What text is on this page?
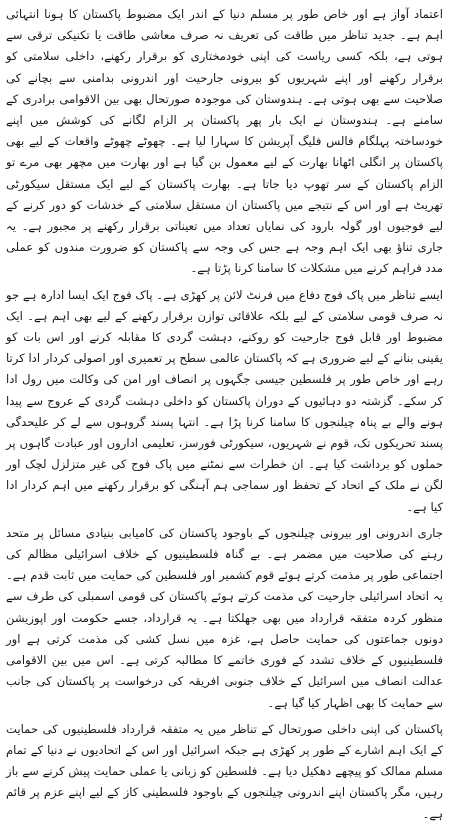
اعتماد آواز ہے اور خاص طور پر مسلم دنیا کے اندر ایک مضبوط پاکستان کا ہونا انتہائی اہم ہے۔ جدید تناظر میں طاقت کی تعریف نہ صرف معاشی طاقت یا تکنیکی ترقی سے ہوتی ہے، بلکہ کسی ریاست کی اپنی خودمختاری کو برقرار رکھنے، داخلی سلامتی کو برقرار رکھنے اور اپنے شہریوں کو بیرونی جارحیت اور اندرونی بدامنی سے بچانے کی صلاحیت سے بھی ہوتی ہے۔ ہندوستان کی موجودہ صورتحال بھی بین الاقوامی برادری کے سامنے ہے۔ ہندوستان نے ایک بار پھر پاکستان پر الزام لگانے کی کوشش میں اپنے خودساختہ پہلگام فالس فلیگ آپریشن کا سہارا لیا ہے۔ چھوٹے چھوٹے واقعات کے لیے بھی پاکستان پر انگلی اٹھانا بھارت کے لیے معمول بن گیا ہے اور بھارت میں مچھر بھی مرے تو الزام پاکستان کے سر تھوپ دیا جاتا ہے۔ بھارت پاکستان کے لیے ایک مستقل سیکورٹی تھریٹ ہے اور اس کے نتیجے میں پاکستان ان مستقل سلامتی کے خدشات کو دور کرنے کے لیے فوجیوں اور گولہ بارود کی نمایاں تعداد میں تعیناتی برقرار رکھنے پر مجبور ہے۔ یہ جاری تناؤ بھی ایک اہم وجہ ہے جس کی وجہ سے پاکستان کو ضرورت مندوں کو عملی مدد فراہم کرنے میں مشکلات کا سامنا کرنا پڑتا ہے۔

ایسے تناظر میں پاک فوج دفاع میں فرنٹ لائن پر کھڑی ہے۔ پاک فوج ایک ایسا ادارہ ہے جو نہ صرف قومی سلامتی کے لیے بلکہ علاقائی توازن برقرار رکھنے کے لیے بھی اہم ہے۔ ایک مضبوط اور قابل فوج جارحیت کو روکنے، دہشت گردی کا مقابلہ کرنے اور اس بات کو یقینی بنانے کے لیے ضروری ہے کہ پاکستان عالمی سطح پر تعمیری اور اصولی کردار ادا کرتا رہے اور خاص طور پر فلسطین جیسی جگہوں پر انصاف اور امن کی وکالت میں رول ادا کر سکے۔ گزشتہ دو دہائیوں کے دوران پاکستان کو داخلی دہشت گردی کے عروج سے پیدا ہونے والے بے پناہ چیلنجوں کا سامنا کرنا پڑا ہے۔ انتہا پسند گروہوں سے لے کر علیحدگی پسند تحریکوں تک، قوم نے شہریوں، سیکورٹی فورسز، تعلیمی اداروں اور عبادت گاہوں پر حملوں کو برداشت کیا ہے۔ ان خطرات سے نمٹنے میں پاک فوج کی غیر متزلزل لچک اور لگن نے ملک کے اتحاد کے تحفظ اور سماجی ہم آہنگی کو برقرار رکھنے میں اہم کردار ادا کیا ہے۔

جاری اندرونی اور بیرونی چیلنجوں کے باوجود پاکستان کی کامیابی بنیادی مسائل پر متحد رہنے کی صلاحیت میں مضمر ہے۔ بے گناہ فلسطینیوں کے خلاف اسرائیلی مظالم کی اجتماعی طور پر مذمت کرتے ہوئے قوم کشمیر اور فلسطین کی حمایت میں ثابت قدم ہے۔ یہ اتحاد اسرائیلی جارحیت کی مذمت کرتے ہوئے پاکستان کی قومی اسمبلی کی طرف سے منظور کردہ متفقہ قرارداد میں بھی جھلکتا ہے۔ یہ قرارداد، جسے حکومت اور اپوزیشن دونوں جماعتوں کی حمایت حاصل ہے، غزہ میں نسل کشی کی مذمت کرتی ہے اور فلسطینیوں کے خلاف تشدد کے فوری خاتمے کا مطالبہ کرتی ہے۔ اس میں بین الاقوامی عدالت انصاف میں اسرائیل کے خلاف جنوبی افریقہ کی درخواست پر پاکستان کی جانب سے حمایت کا بھی اظہار کیا گیا ہے۔

پاکستان کی اپنی داخلی صورتحال کے تناظر میں یہ متفقہ قرارداد فلسطینیوں کی حمایت کے ایک اہم اشارے کے طور پر کھڑی ہے جبکہ اسرائیل اور اس کے اتحادیوں نے دنیا کے تمام مسلم ممالک کو پیچھے دھکیل دیا ہے۔ فلسطین کو زبانی یا عملی حمایت پیش کرنے سے باز رہیں، مگر پاکستان اپنے اندرونی چیلنجوں کے باوجود فلسطینی کاز کے لیے اپنے عزم پر قائم ہے۔
